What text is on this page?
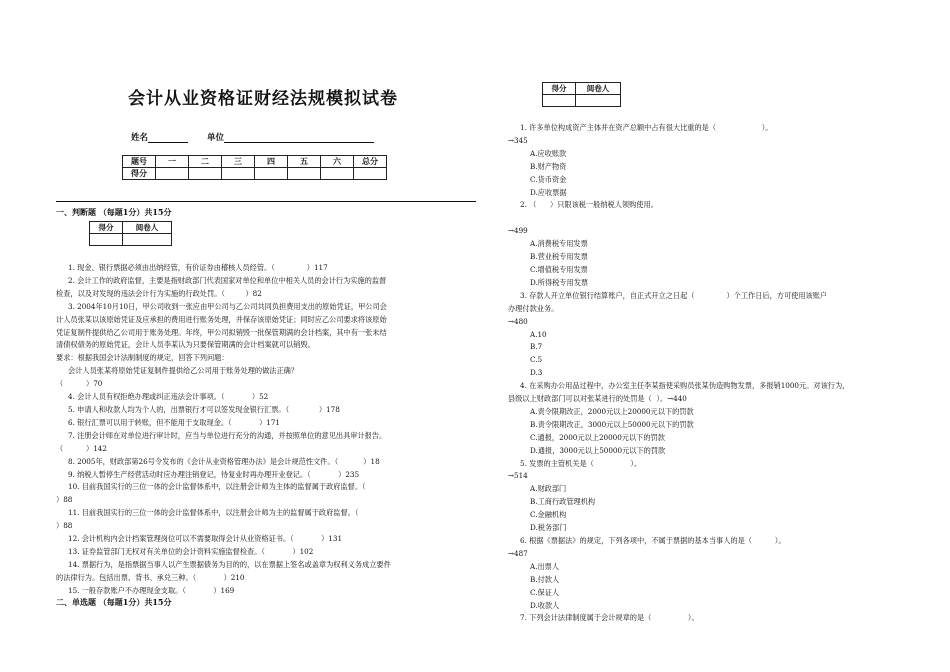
会计从业资格证财经法规模拟试卷
姓名	单位
题号	一	二	三	四	五	六	总分
得分							
一、判断题 （每题1分）共15分
得分	阅卷人

1. 现金、银行票据必须由出纳经管，有价证券由稽核人员经管。（              ）117

2. 会计工作的政府监督，主要是指财政部门代表国家对单位和单位中相关人员的会计行为实施的监督

检查，以及对发现的违法会计行为实施的行政处罚。（         ）82

3. 2004年10月10日，甲公司收到一张应由甲公司与乙公司共同负担费用支出的原始凭证，甲公司会

计人员张某以该原始凭证及应承担的费用进行账务处理，并保存该原始凭证；同时应乙公司要求将该原始

凭证复制件提供给乙公司用于账务处理。年终，甲公司拟销毁一批保管期满的会计档案，其中有一张未结

清债权债务的原始凭证，会计人员李某认为只要保管期满的会计档案就可以销毁。

要求：根据我国会计法制制度的规定，回答下列问题：

会计人员张某将原始凭证复制件提供给乙公司用于账务处理的做法正确？

（          ）70

4. 会计人员有权拒绝办理或纠正违法会计事项。（            ）52

5. 申请人和收款人均为个人的，出票银行才可以签发现金银行汇票。（             ）178

6. 银行汇票可以用于转账，但不能用于支取现金。（            ）171

7. 注册会计师在对单位进行审计时，应当与单位进行充分的沟通，并按照单位的意见出具审计报告。

（          ）142

8. 2005年，财政部第26号令发布的《会计从业资格管理办法》是会计规范性文件。（           ）18

9. 纳税人暂停生产经营活动时应办理注销登记，待复业时再办理开业登记。（            ）235

10. 目前我国实行的三位一体的会计监督体系中，以注册会计师为主体的监督属于政府监督。（

）88

11. 目前我国实行的三位一体的会计监督体系中，以注册会计师为主的监督属于政府监督。（

）88

12. 会计机构内会计档案管理岗位可以不需要取得会计从业资格证书。（            ）131

13. 证券监管部门无权对有关单位的会计资料实施监督检查。（            ）102

14. 票据行为，是指票据当事人以产生票据债务为目的的，以在票据上签名或盖章为权利义务成立要件

的法律行为。包括出票、背书、承兑三种。（            ）210

15. 一般存款账户不办理现金支取。（            ）169

二、单选题 （每题1分）共15分
得分	阅卷人

1. 许多单位构成资产主体并在资产总额中占有很大比重的是（                    ）。

→345

A.应收账款

B.财产物资

C.货币资金

D.应收票据

2. （      ）只限该税一般纳税人领购使用。

→499

A.消费税专用发票

B.营业税专用发票

C.增值税专用发票

D.所得税专用发票

3. 存款人开立单位银行结算账户，自正式开立之日起（              ）个工作日后，方可使用该账户

办理付款业务。

→480

A.10

B.7

C.5

D.3

4. 在采购办公用品过程中，办公室主任李某指使采购员张某伪造购物发票，多报销1000元。对该行为，

县级以上财政部门可以对张某进行的处罚是（  ）。→440

A.责令限期改正，2000元以上20000元以下的罚款

B.责令限期改正，3000元以上50000元以下的罚款

C.通报，2000元以上20000元以下的罚款

D.通报，3000元以上50000元以下的罚款

5. 发票的主管机关是（                ）。

→514

A.财政部门

B.工商行政管理机构

C.金融机构

D.税务部门

6. 根据《票据法》的规定，下列各项中，不属于票据的基本当事人的是（          ）。

→487

A.出票人

B.付款人

C.保证人

D.收款人

7. 下列会计法律制度属于会计规章的是（                ）。
